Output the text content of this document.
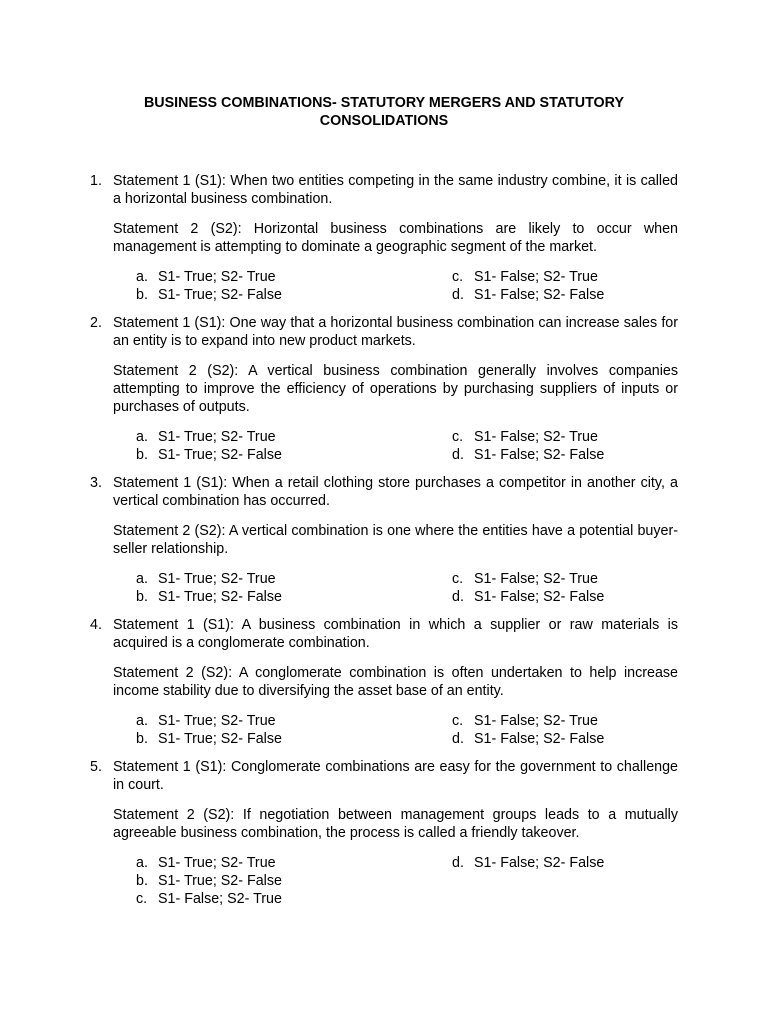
BUSINESS COMBINATIONS- STATUTORY MERGERS AND STATUTORY
CONSOLIDATIONS
1. Statement 1 (S1): When two entities competing in the same industry combine, it is called a horizontal business combination.

Statement 2 (S2): Horizontal business combinations are likely to occur when management is attempting to dominate a geographic segment of the market.

a. S1- True; S2- True
b. S1- True; S2- False
c. S1- False; S2- True
d. S1- False; S2- False
2. Statement 1 (S1): One way that a horizontal business combination can increase sales for an entity is to expand into new product markets.

Statement 2 (S2): A vertical business combination generally involves companies attempting to improve the efficiency of operations by purchasing suppliers of inputs or purchases of outputs.

a. S1- True; S2- True
b. S1- True; S2- False
c. S1- False; S2- True
d. S1- False; S2- False
3. Statement 1 (S1): When a retail clothing store purchases a competitor in another city, a vertical combination has occurred.

Statement 2 (S2): A vertical combination is one where the entities have a potential buyer- seller relationship.

a. S1- True; S2- True
b. S1- True; S2- False
c. S1- False; S2- True
d. S1- False; S2- False
4. Statement 1 (S1): A business combination in which a supplier or raw materials is acquired is a conglomerate combination.

Statement 2 (S2): A conglomerate combination is often undertaken to help increase income stability due to diversifying the asset base of an entity.

a. S1- True; S2- True
b. S1- True; S2- False
c. S1- False; S2- True
d. S1- False; S2- False
5. Statement 1 (S1): Conglomerate combinations are easy for the government to challenge in court.

Statement 2 (S2): If negotiation between management groups leads to a mutually agreeable business combination, the process is called a friendly takeover.

a. S1- True; S2- True
b. S1- True; S2- False
c. S1- False; S2- True
d. S1- False; S2- False
